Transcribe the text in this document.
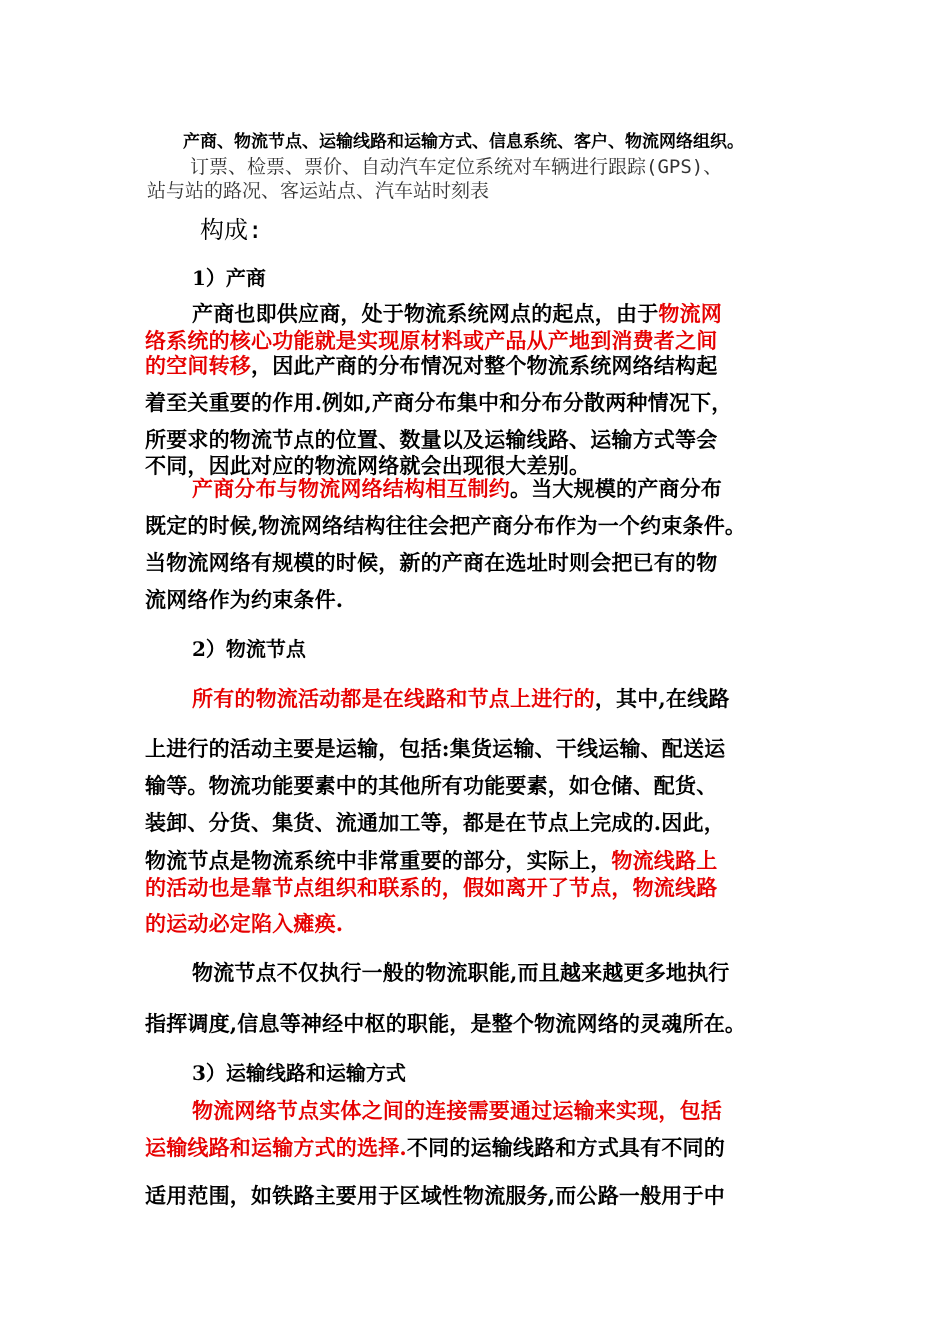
产商、物流节点、运输线路和运输方式、信息系统、客户、物流网络组织。
订票、检票、票价、自动汽车定位系统对车辆进行跟踪(GPS)、
站与站的路况、客运站点、汽车站时刻表
构成:
1）产商
产商也即供应商，处于物流系统网点的起点，由于物流网
络系统的核心功能就是实现原材料或产品从产地到消费者之间
的空间转移，因此产商的分布情况对整个物流系统网络结构起
着至关重要的作用.例如,产商分布集中和分布分散两种情况下，
所要求的物流节点的位置、数量以及运输线路、运输方式等会
不同，因此对应的物流网络就会出现很大差别。
产商分布与物流网络结构相互制约。当大规模的产商分布
既定的时候,物流网络结构往往会把产商分布作为一个约束条件。
当物流网络有规模的时候，新的产商在选址时则会把已有的物
流网络作为约束条件.
2）物流节点
所有的物流活动都是在线路和节点上进行的，其中,在线路
上进行的活动主要是运输，包括:集货运输、干线运输、配送运
输等。物流功能要素中的其他所有功能要素，如仓储、配货、
装卸、分货、集货、流通加工等，都是在节点上完成的.因此，
物流节点是物流系统中非常重要的部分，实际上，物流线路上
的活动也是靠节点组织和联系的，假如离开了节点，物流线路
的运动必定陷入瘫痪.
物流节点不仅执行一般的物流职能,而且越来越更多地执行
指挥调度,信息等神经中枢的职能，是整个物流网络的灵魂所在。
3）运输线路和运输方式
物流网络节点实体之间的连接需要通过运输来实现，包括
运输线路和运输方式的选择.不同的运输线路和方式具有不同的
适用范围，如铁路主要用于区域性物流服务,而公路一般用于中
